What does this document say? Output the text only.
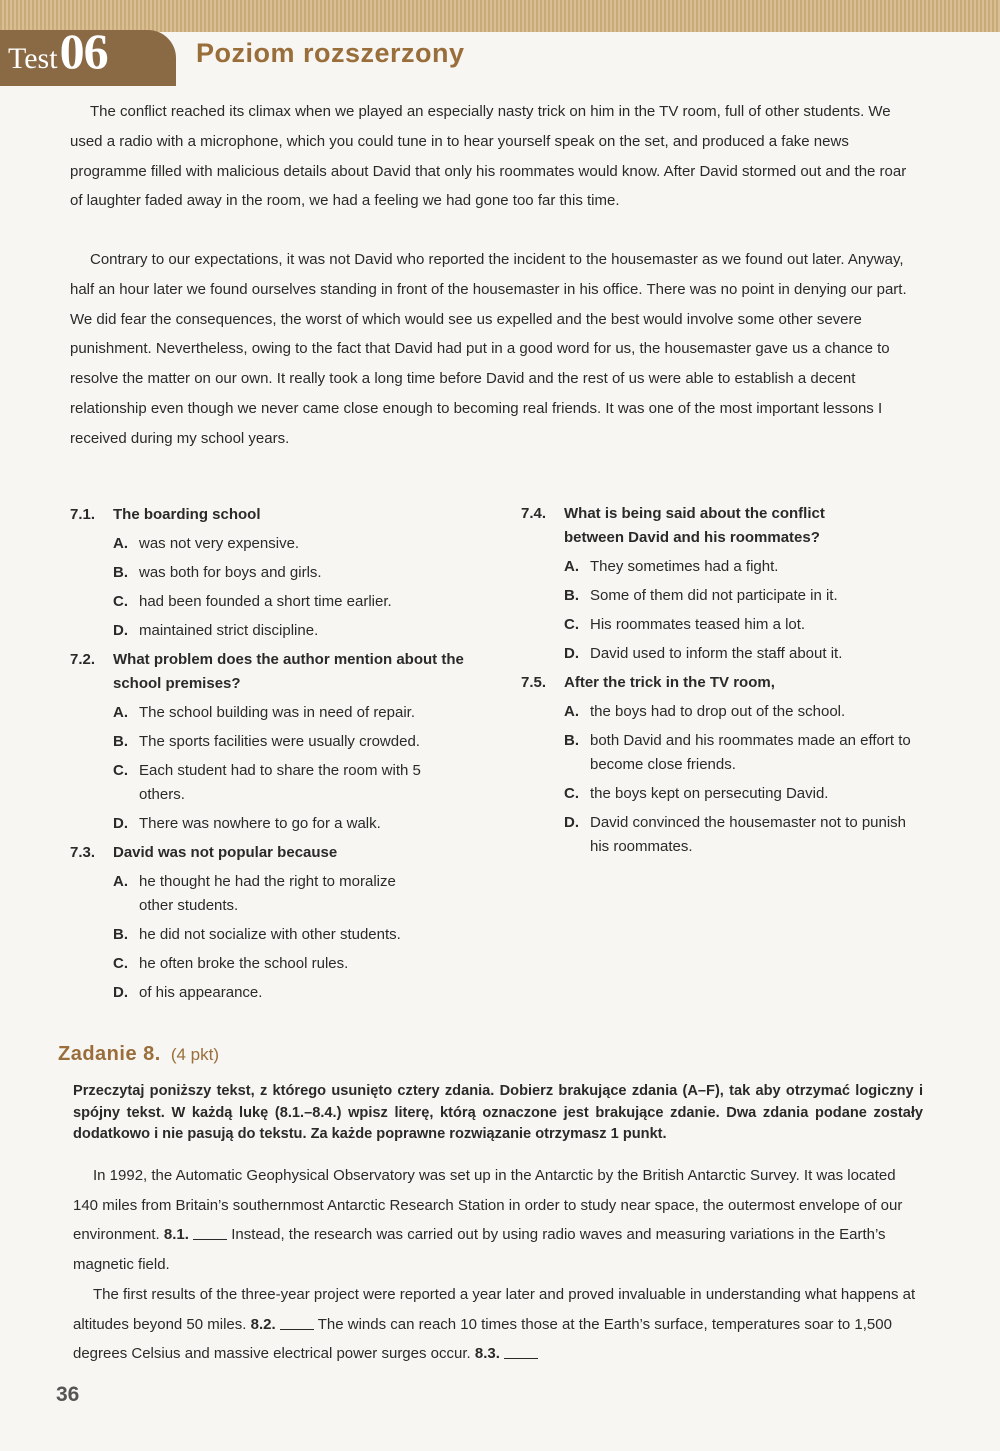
Test 06	Poziom rozszerzony

The conflict reached its climax when we played an especially nasty trick on him in the TV room, full of other students. We used a radio with a microphone, which you could tune in to hear yourself speak on the set, and produced a fake news programme filled with malicious details about David that only his roommates would know. After David stormed out and the roar of laughter faded away in the room, we had a feeling we had gone too far this time.

Contrary to our expectations, it was not David who reported the incident to the housemaster as we found out later. Anyway, half an hour later we found ourselves standing in front of the housemaster in his office. There was no point in denying our part. We did fear the consequences, the worst of which would see us expelled and the best would involve some other severe punishment. Nevertheless, owing to the fact that David had put in a good word for us, the housemaster gave us a chance to resolve the matter on our own. It really took a long time before David and the rest of us were able to establish a decent relationship even though we never came close enough to becoming real friends. It was one of the most important lessons I received during my school years.

7.1.	The boarding school
A. was not very expensive.
B. was both for boys and girls.
C. had been founded a short time earlier.
D. maintained strict discipline.
7.2.	What problem does the author mention about the school premises?
A. The school building was in need of repair.
B. The sports facilities were usually crowded.
C. Each student had to share the room with 5 others.
D. There was nowhere to go for a walk.
7.3.	David was not popular because
A. he thought he had the right to moralize other students.
B. he did not socialize with other students.
C. he often broke the school rules.
D. of his appearance.
7.4.	What is being said about the conflict between David and his roommates?
A. They sometimes had a fight.
B. Some of them did not participate in it.
C. His roommates teased him a lot.
D. David used to inform the staff about it.
7.5.	After the trick in the TV room,
A. the boys had to drop out of the school.
B. both David and his roommates made an effort to become close friends.
C. the boys kept on persecuting David.
D. David convinced the housemaster not to punish his roommates.
Zadanie 8. (4 pkt)

Przeczytaj poniższy tekst, z którego usunięto cztery zdania. Dobierz brakujące zdania (A–F), tak aby otrzymać logiczny i spójny tekst. W każdą lukę (8.1.–8.4.) wpisz literę, którą oznaczone jest brakujące zdanie. Dwa zdania podane zostały dodatkowo i nie pasują do tekstu. Za każde poprawne rozwiązanie otrzymasz 1 punkt.

In 1992, the Automatic Geophysical Observatory was set up in the Antarctic by the British Antarctic Survey. It was located 140 miles from Britain’s southernmost Antarctic Research Station in order to study near space, the outermost envelope of our environment. 8.1.	Instead, the research was carried out by using radio waves and measuring variations in the Earth’s magnetic field.

The first results of the three-year project were reported a year later and proved invaluable in understanding what happens at altitudes beyond 50 miles. 8.2.	The winds can reach 10 times those at the Earth’s surface, temperatures soar to 1,500 degrees Celsius and massive electrical power surges occur. 8.3.

36
